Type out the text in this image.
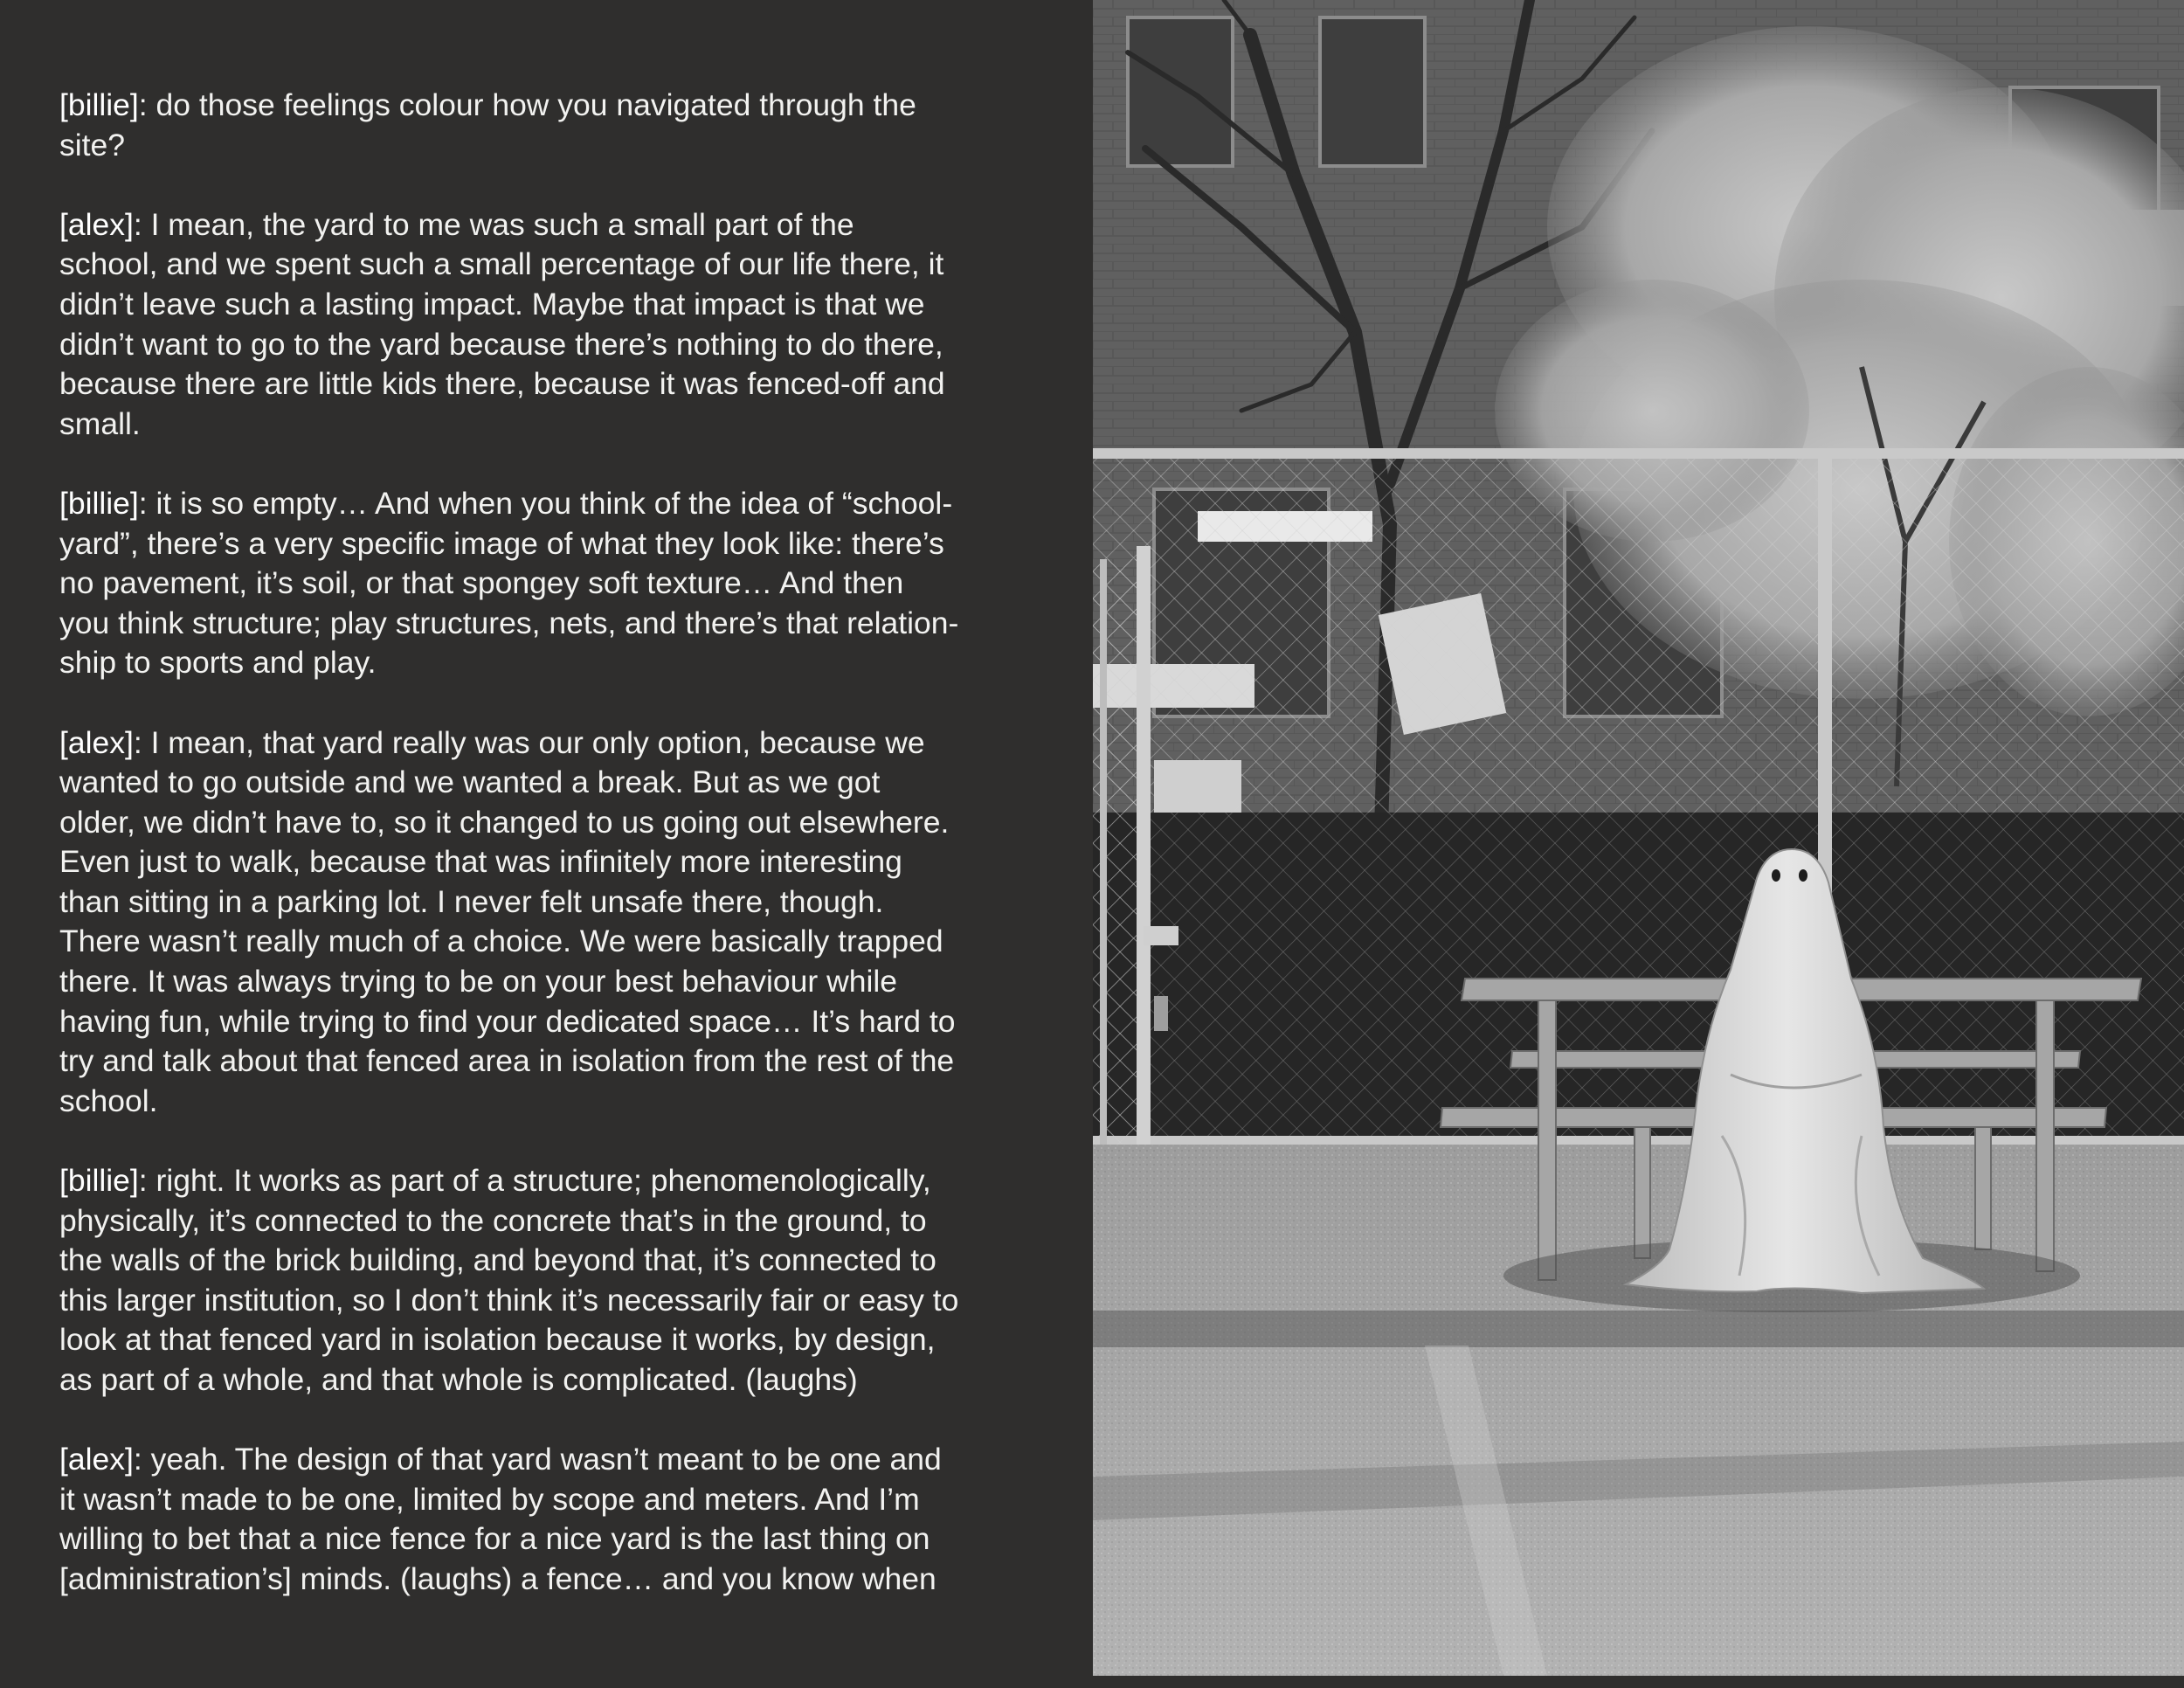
[billie]: do those feelings colour how you navigated through the
site?

[alex]: I mean, the yard to me was such a small part of the
school, and we spent such a small percentage of our life there, it
didn’t leave such a lasting impact. Maybe that impact is that we
didn’t want to go to the yard because there’s nothing to do there,
because there are little kids there, because it was fenced-off and
small.

[billie]: it is so empty… And when you think of the idea of “school-
yard”, there’s a very specific image of what they look like: there’s
no pavement, it’s soil, or that spongey soft texture… And then
you think structure; play structures, nets, and there’s that relation-
ship to sports and play.

[alex]: I mean, that yard really was our only option, because we
wanted to go outside and we wanted a break. But as we got
older, we didn’t have to, so it changed to us going out elsewhere.
Even just to walk, because that was infinitely more interesting
than sitting in a parking lot. I never felt unsafe there, though.
There wasn’t really much of a choice. We were basically trapped
there. It was always trying to be on your best behaviour while
having fun, while trying to find your dedicated space… It’s hard to
try and talk about that fenced area in isolation from the rest of the
school.

[billie]: right. It works as part of a structure; phenomenologically,
physically, it’s connected to the concrete that’s in the ground, to
the walls of the brick building, and beyond that, it’s connected to
this larger institution, so I don’t think it’s necessarily fair or easy to
look at that fenced yard in isolation because it works, by design,
as part of a whole, and that whole is complicated. (laughs)

[alex]: yeah. The design of that yard wasn’t meant to be one and
it wasn’t made to be one, limited by scope and meters. And I’m
willing to bet that a nice fence for a nice yard is the last thing on
[administration’s] minds. (laughs) a fence… and you know when
